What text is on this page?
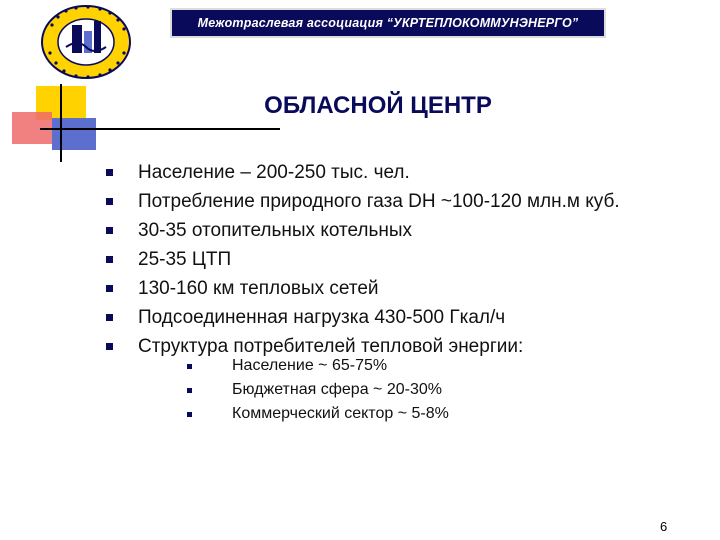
Межотраслевая ассоциация “УКРТЕПЛОКОММУНЭНЕРГО”
ОБЛАСНОЙ ЦЕНТР
Население – 200-250 тыс. чел.
Потребление природного газа DH ~100-120 млн.м куб.
30-35 отопительных котельных
25-35 ЦТП
130-160 км тепловых сетей
Подсоединенная нагрузка 430-500 Гкал/ч
Структура потребителей тепловой энергии:
Население ~ 65-75%
Бюджетная сфера ~ 20-30%
Коммерческий сектор ~ 5-8%
6
